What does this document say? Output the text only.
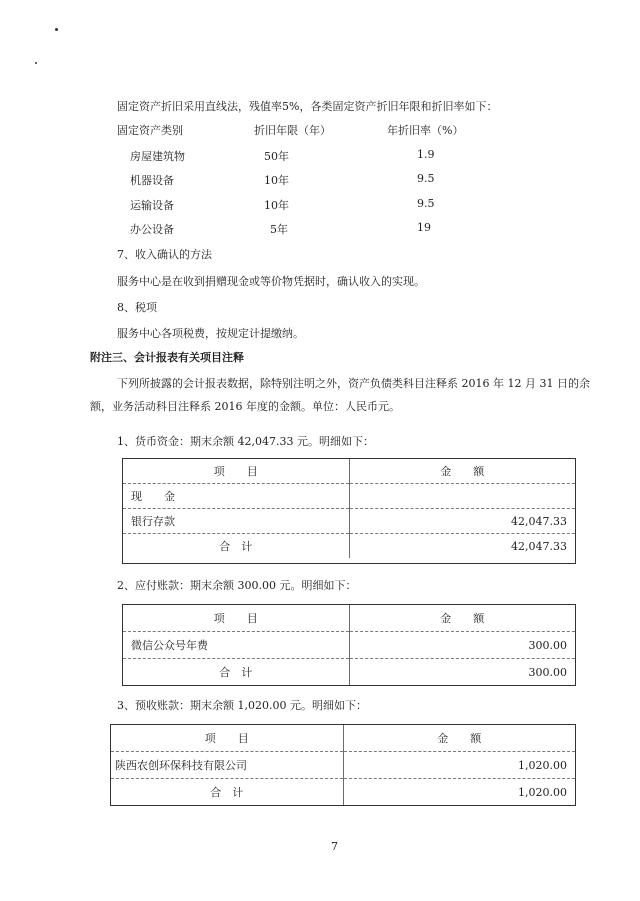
固定资产折旧采用直线法，残值率5%，各类固定资产折旧年限和折旧率如下：
固定资产类别	折旧年限（年）	年折旧率（%）
房屋建筑物	50年	1.9
机器设备	10年	9.5
运输设备	10年	9.5
办公设备	5年	19
7、收入确认的方法
服务中心是在收到捐赠现金或等价物凭据时，确认收入的实现。
8、税项
服务中心各项税费，按规定计提缴纳。
附注三、会计报表有关项目注释
下列所披露的会计报表数据，除特别注明之外，资产负债类科目注释系 2016 年 12 月 31 日的余
额，业务活动科目注释系 2016 年度的金额。单位：人民币元。
1、货币资金：期末余额 42,047.33 元。明细如下：
项　　目	金　　额
现　　金	
银行存款	42,047.33
合　计	42,047.33
2、应付账款：期末余额 300.00 元。明细如下：
项　　目	金　　额
微信公众号年费	300.00
合　计	300.00
3、预收账款：期末余额 1,020.00 元。明细如下：
项　　目	金　　额
陕西农创环保科技有限公司	1,020.00
合　计	1,020.00
7
